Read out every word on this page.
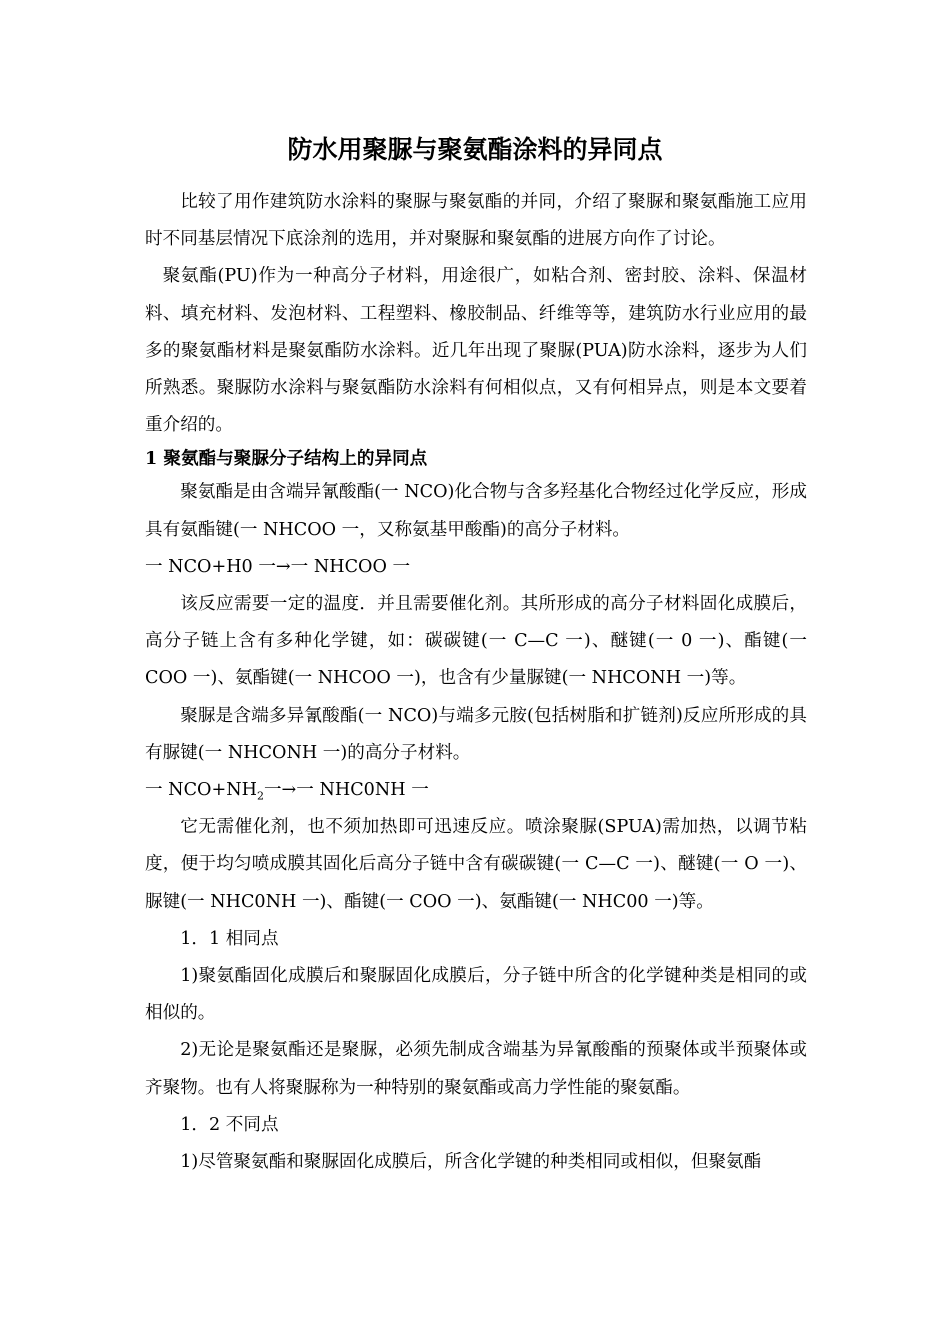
防水用聚脲与聚氨酯涂料的异同点

比较了用作建筑防水涂料的聚脲与聚氨酯的并同，介绍了聚脲和聚氨酯施工应用时不同基层情况下底涂剂的选用，并对聚脲和聚氨酯的进展方向作了讨论。

聚氨酯(PU)作为一种高分子材料，用途很广，如粘合剂、密封胶、涂料、保温材料、填充材料、发泡材料、工程塑料、橡胶制品、纤维等等，建筑防水行业应用的最多的聚氨酯材料是聚氨酯防水涂料。近几年出现了聚脲(PUA)防水涂料，逐步为人们所熟悉。聚脲防水涂料与聚氨酯防水涂料有何相似点，又有何相异点，则是本文要着重介绍的。

1 聚氨酯与聚脲分子结构上的异同点

聚氨酯是由含端异氰酸酯(一 NCO)化合物与含多羟基化合物经过化学反应，形成具有氨酯键(一 NHCOO 一，又称氨基甲酸酯)的高分子材料。

一 NCO+H0 一→一 NHCOO 一

该反应需要一定的温度．并且需要催化剂。其所形成的高分子材料固化成膜后，高分子链上含有多种化学键，如：碳碳键(一 C—C 一)、醚键(一 0 一)、酯键(一 COO 一)、氨酯键(一 NHCOO 一)，也含有少量脲键(一 NHCONH 一)等。

聚脲是含端多异氰酸酯(一 NCO)与端多元胺(包括树脂和扩链剂)反应所形成的具有脲键(一 NHCONH 一)的高分子材料。

一 $NCO+NH_2$一→一 NHC0NH 一

它无需催化剂，也不须加热即可迅速反应。喷涂聚脲(SPUA)需加热，以调节粘度，便于均匀喷成膜其固化后高分子链中含有碳碳键(一 C—C 一)、醚键(一 O 一)、脲键(一 NHC0NH 一)、酯键(一 COO 一)、氨酯键(一 NHC00 一)等。

1．1 相同点

1)聚氨酯固化成膜后和聚脲固化成膜后，分子链中所含的化学键种类是相同的或相似的。

2)无论是聚氨酯还是聚脲，必须先制成含端基为异氰酸酯的预聚体或半预聚体或齐聚物。也有人将聚脲称为一种特别的聚氨酯或高力学性能的聚氨酯。

1．2 不同点

1)尽管聚氨酯和聚脲固化成膜后，所含化学键的种类相同或相似，但聚氨酯
